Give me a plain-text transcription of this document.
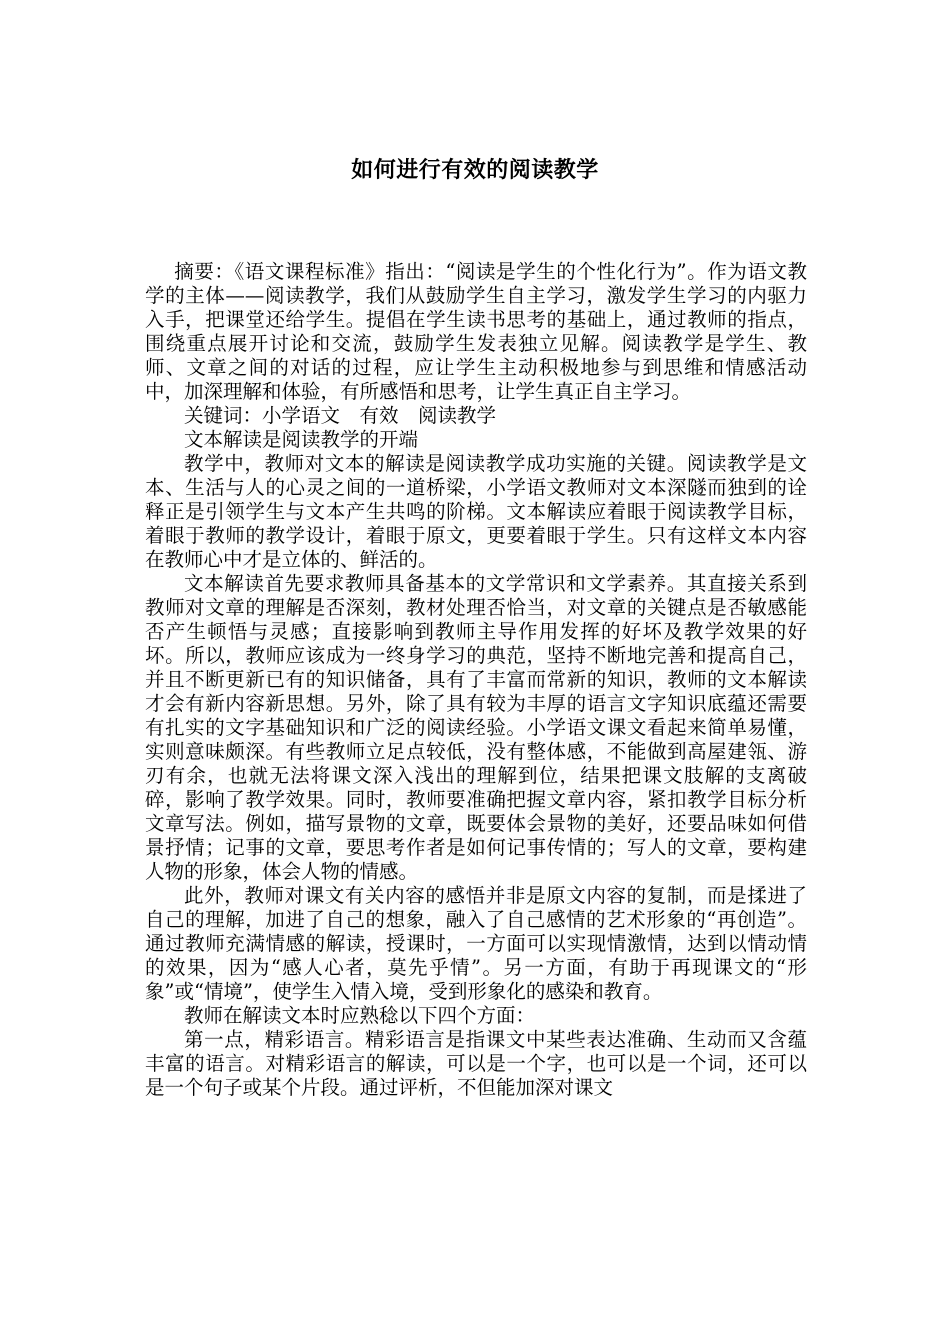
如何进行有效的阅读教学

摘要：《语文课程标准》指出：“阅读是学生的个性化行为”。作为语文教学的主体——阅读教学，我们从鼓励学生自主学习，激发学生学习的内驱力入手，把课堂还给学生。提倡在学生读书思考的基础上，通过教师的指点，围绕重点展开讨论和交流，鼓励学生发表独立见解。阅读教学是学生、教师、文章之间的对话的过程，应让学生主动积极地参与到思维和情感活动中，加深理解和体验，有所感悟和思考，让学生真正自主学习。

关键词：小学语文　有效　阅读教学

文本解读是阅读教学的开端

教学中，教师对文本的解读是阅读教学成功实施的关键。阅读教学是文本、生活与人的心灵之间的一道桥梁，小学语文教师对文本深隧而独到的诠释正是引领学生与文本产生共鸣的阶梯。文本解读应着眼于阅读教学目标，着眼于教师的教学设计，着眼于原文，更要着眼于学生。只有这样文本内容在教师心中才是立体的、鲜活的。

文本解读首先要求教师具备基本的文学常识和文学素养。其直接关系到教师对文章的理解是否深刻，教材处理否恰当，对文章的关键点是否敏感能否产生顿悟与灵感；直接影响到教师主导作用发挥的好坏及教学效果的好坏。所以，教师应该成为一终身学习的典范，坚持不断地完善和提高自己，并且不断更新已有的知识储备，具有了丰富而常新的知识，教师的文本解读才会有新内容新思想。另外，除了具有较为丰厚的语言文字知识底蕴还需要有扎实的文字基础知识和广泛的阅读经验。小学语文课文看起来简单易懂，实则意味颇深。有些教师立足点较低，没有整体感，不能做到高屋建瓴、游刃有余，也就无法将课文深入浅出的理解到位，结果把课文肢解的支离破碎，影响了教学效果。同时，教师要准确把握文章内容，紧扣教学目标分析文章写法。例如，描写景物的文章，既要体会景物的美好，还要品味如何借景抒情；记事的文章，要思考作者是如何记事传情的；写人的文章，要构建人物的形象，体会人物的情感。

此外，教师对课文有关内容的感悟并非是原文内容的复制，而是揉进了自己的理解，加进了自己的想象，融入了自己感情的艺术形象的“再创造”。通过教师充满情感的解读，授课时，一方面可以实现情激情，达到以情动情的效果，因为“感人心者，莫先乎情”。另一方面，有助于再现课文的“形象”或“情境”，使学生入情入境，受到形象化的感染和教育。

教师在解读文本时应熟稔以下四个方面：

第一点，精彩语言。精彩语言是指课文中某些表达准确、生动而又含蕴丰富的语言。对精彩语言的解读，可以是一个字，也可以是一个词，还可以是一个句子或某个片段。通过评析，不但能加深对课文
